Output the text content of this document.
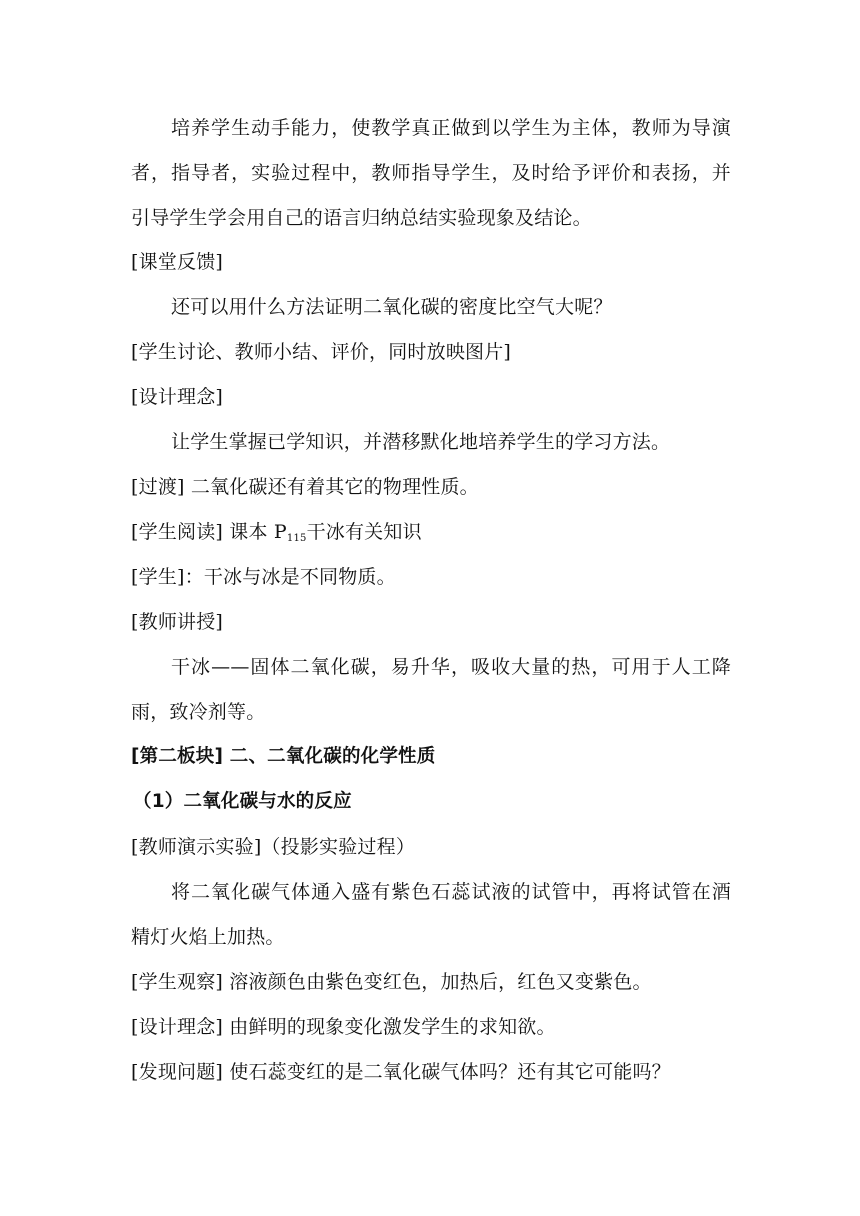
培养学生动手能力，使教学真正做到以学生为主体，教师为导演
者，指导者，实验过程中，教师指导学生，及时给予评价和表扬，并
引导学生学会用自己的语言归纳总结实验现象及结论。
[课堂反馈]
还可以用什么方法证明二氧化碳的密度比空气大呢？
[学生讨论、教师小结、评价，同时放映图片]
[设计理念]
让学生掌握已学知识，并潜移默化地培养学生的学习方法。
[过渡] 二氧化碳还有着其它的物理性质。
[学生阅读] 课本 $P_{115}$干冰有关知识
[学生]：干冰与冰是不同物质。
[教师讲授]
干冰——固体二氧化碳，易升华，吸收大量的热，可用于人工降
雨，致冷剂等。
[第二板块] 二、二氧化碳的化学性质
（1）二氧化碳与水的反应
[教师演示实验]（投影实验过程）
将二氧化碳气体通入盛有紫色石蕊试液的试管中，再将试管在酒
精灯火焰上加热。
[学生观察] 溶液颜色由紫色变红色，加热后，红色又变紫色。
[设计理念] 由鲜明的现象变化激发学生的求知欲。
[发现问题] 使石蕊变红的是二氧化碳气体吗？还有其它可能吗？
